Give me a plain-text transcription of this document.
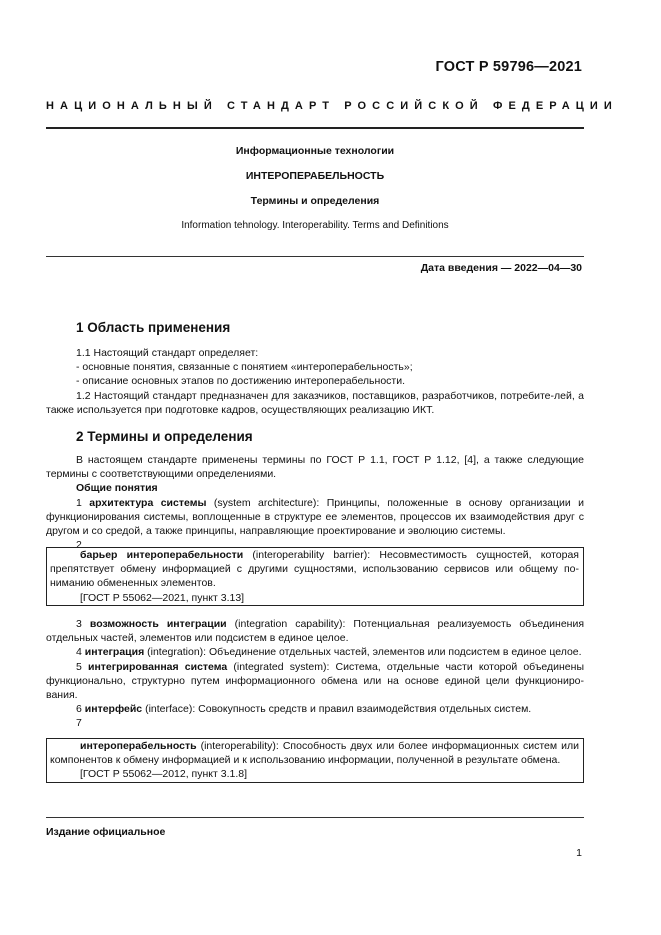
ГОСТ Р 59796—2021
НАЦИОНАЛЬНЫЙ СТАНДАРТ РОССИЙСКОЙ ФЕДЕРАЦИИ
Информационные технологии
ИНТЕРОПЕРАБЕЛЬНОСТЬ
Термины и определения
Information tehnology. Interoperability. Terms and Definitions
Дата введения — 2022—04—30
1 Область применения

1.1 Настоящий стандарт определяет:

- основные понятия, связанные с понятием «интероперабельность»;

- описание основных этапов по достижению интероперабельности.

1.2 Настоящий стандарт предназначен для заказчиков, поставщиков, разработчиков, потребите-лей, а также используется при подготовке кадров, осуществляющих реализацию ИКТ.

2 Термины и определения

В настоящем стандарте применены термины по ГОСТ Р 1.1, ГОСТ Р 1.12, [4], а также следующие термины с соответствующими определениями.

Общие понятия

1 архитектура системы (system architecture): Принципы, положенные в основу организации и функционирования системы, воплощенные в структуре ее элементов, процессов их взаимодействия друг с другом и со средой, а также принципы, направляющие проектирование и эволюцию системы.

2

барьер интероперабельности (interoperability barrier): Несовместимость сущностей, которая препятствует обмену информацией с другими сущностями, использованию сервисов или общему по-ниманию обмененных элементов.

[ГОСТ Р 55062—2021, пункт 3.13]

3 возможность интеграции (integration capability): Потенциальная реализуемость объединения отдельных частей, элементов или подсистем в единое целое.

4 интеграция (integration): Объединение отдельных частей, элементов или подсистем в единое целое.

5 интегрированная система (integrated system): Система, отдельные части которой объединены функционально, структурно путем информационного обмена или на основе единой цели функциониро-вания.

6 интерфейс (interface): Совокупность средств и правил взаимодействия отдельных систем.

7

интероперабельность (interoperability): Способность двух или более информационных систем или компонентов к обмену информацией и к использованию информации, полученной в результате обмена.

[ГОСТ Р 55062—2012, пункт 3.1.8]

Издание официальное
1
